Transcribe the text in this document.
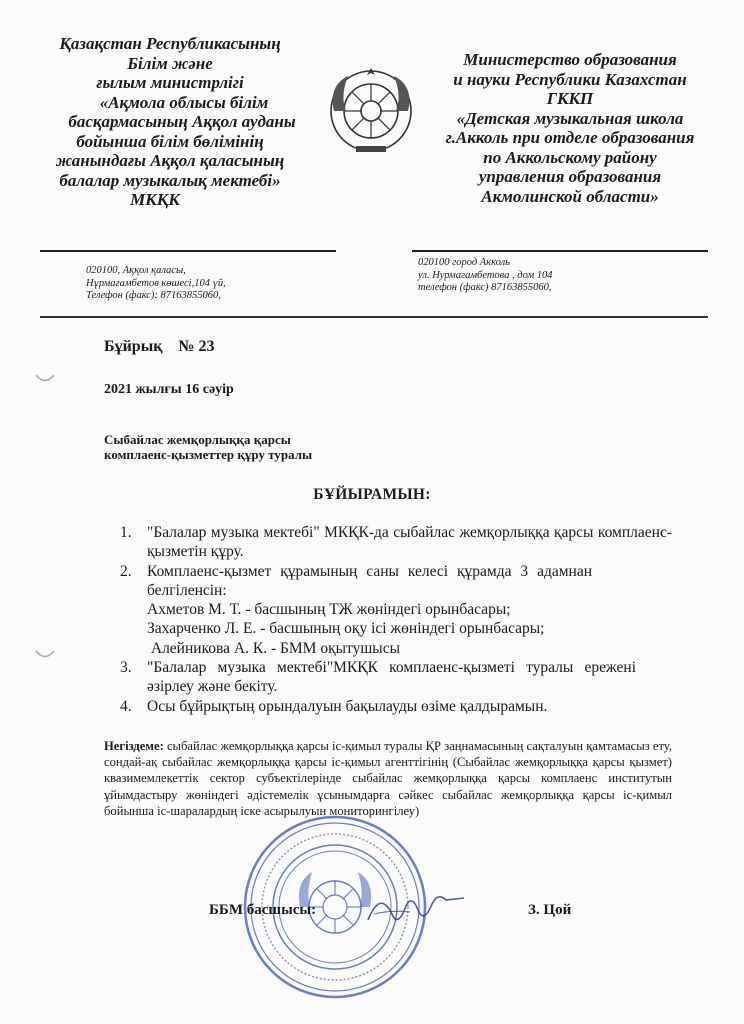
Қазақстан Республикасының
Білім және
ғылым министрлігі
«Ақмола облысы білім
басқармасының Аққол ауданы
бойынша білім бөлімінің
жанындағы Аққол қаласының
балалар музыкалық мектебі»
МКҚК
Министерство образования
и науки Республики Казахстан
ГККП
«Детская музыкальная школа
г.Акколь при отделе образования
по Аккольскому району
управления образования
Акмолинской области»
020100, Аққол қаласы,
Нұрмағамбетов көшесі,104 үй,
Телефон (факс): 87163855060,
020100 город Акколь
ул. Нурмагамбетова , дом 104
телефон (факс) 87163855060,
Бұйрық    № 23
2021 жылғы 16 сәуір
Сыбайлас жемқорлыққа қарсы
комплаенс-қызметтер құру туралы
БҰЙЫРАМЫН:
1. "Балалар музыка мектебі" МКҚК-да сыбайлас жемқорлыққа қарсы комплаенс-қызметін құру.
2. Комплаенс-қызмет құрамының саны келесі құрамда 3 адамнан белгіленсін:
Ахметов М. Т. - басшының ТЖ жөніндегі орынбасары;
Захарченко Л. Е. - басшының оқу ісі жөніндегі орынбасары;
Алейникова А. К. - БММ оқытушысы
3. "Балалар музыка мектебі"МКҚК комплаенс-қызметі туралы ережені әзірлеу және бекіту.
4. Осы бұйрықтың орындалуын бақылауды өзіме қалдырамын.
Негіздеме: сыбайлас жемқорлыққа қарсы іс-қимыл туралы ҚР заңнамасының сақталуын қамтамасыз ету, сондай-ақ сыбайлас жемқорлыққа қарсы іс-қимыл агенттігінің (Сыбайлас жемқорлыққа қарсы қызмет) квазимемлекеттік сектор субъектілерінде сыбайлас жемқорлыққа қарсы комплаенс институтын ұйымдастыру жөніндегі әдістемелік ұсынымдарға сәйкес сыбайлас жемқорлыққа қарсы іс-қимыл бойынша іс-шаралардың іске асырылуын мониторингілеу)
ББМ басшысы:	З. Цой
